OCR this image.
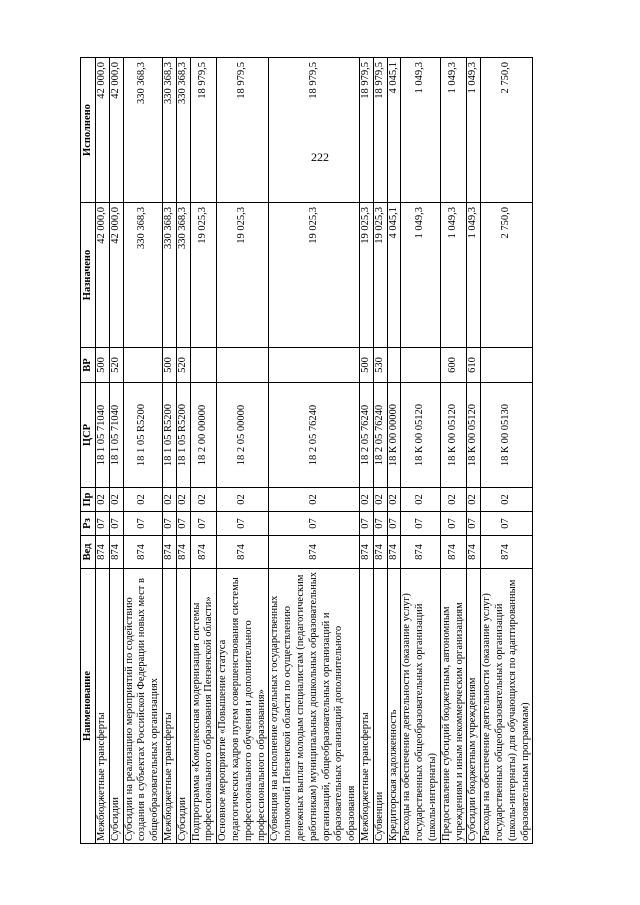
222
Наименование	Вед	Рз	Пр	ЦСР	ВР	Назначено	Исполнено
Межбюджетные трансферты	874	07	02	18 1 05 71040	500	42 000,0	42 000,0
Субсидии	874	07	02	18 1 05 71040	520	42 000,0	42 000,0
Субсидии на реализацию мероприятий по содействию создания в субъектах Российской Федерации новых мест в общеобразовательных организациях	874	07	02	18 1 05 R5200		330 368,3	330 368,3
Межбюджетные трансферты	874	07	02	18 1 05 R5200	500	330 368,3	330 368,3
Субсидии	874	07	02	18 1 05 R5200	520	330 368,3	330 368,3
Подпрограмма «Комплексная модернизация системы профессионального образования Пензенской области»	874	07	02	18 2 00 00000		19 025,3	18 979,5
Основное мероприятие «Повышение статуса педагогических кадров путем совершенствования системы профессионального обучения и дополнительного профессионального образования»	874	07	02	18 2 05 00000		19 025,3	18 979,5
Субвенция на исполнение отдельных государственных полномочий Пензенской области по осуществлению денежных выплат молодым специалистам (педагогическим работникам) муниципальных дошкольных образовательных организаций, общеобразовательных организаций и образовательных организаций дополнительного образования	874	07	02	18 2 05 76240		19 025,3	18 979,5
Межбюджетные трансферты	874	07	02	18 2 05 76240	500	19 025,3	18 979,5
Субвенции	874	07	02	18 2 05 76240	530	19 025,3	18 979,5
Кредиторская задолженность	874	07	02	18 К 00 00000		4 045,1	4 045,1
Расходы на обеспечение деятельности (оказание услуг) государственных общеобразовательных организаций (школы-интернаты)	874	07	02	18 К 00 05120		1 049,3	1 049,3
Предоставление субсидий бюджетным, автономным учреждениям и иным некоммерческим организациям	874	07	02	18 К 00 05120	600	1 049,3	1 049,3
Субсидии бюджетным учреждениям	874	07	02	18 К 00 05120	610	1 049,3	1 049,3
Расходы на обеспечение деятельности (оказание услуг) государственных общеобразовательных организаций (школы-интернаты) для обучающихся по адаптированным образовательным программам)	874	07	02	18 К 00 05130		2 750,0	2 750,0
